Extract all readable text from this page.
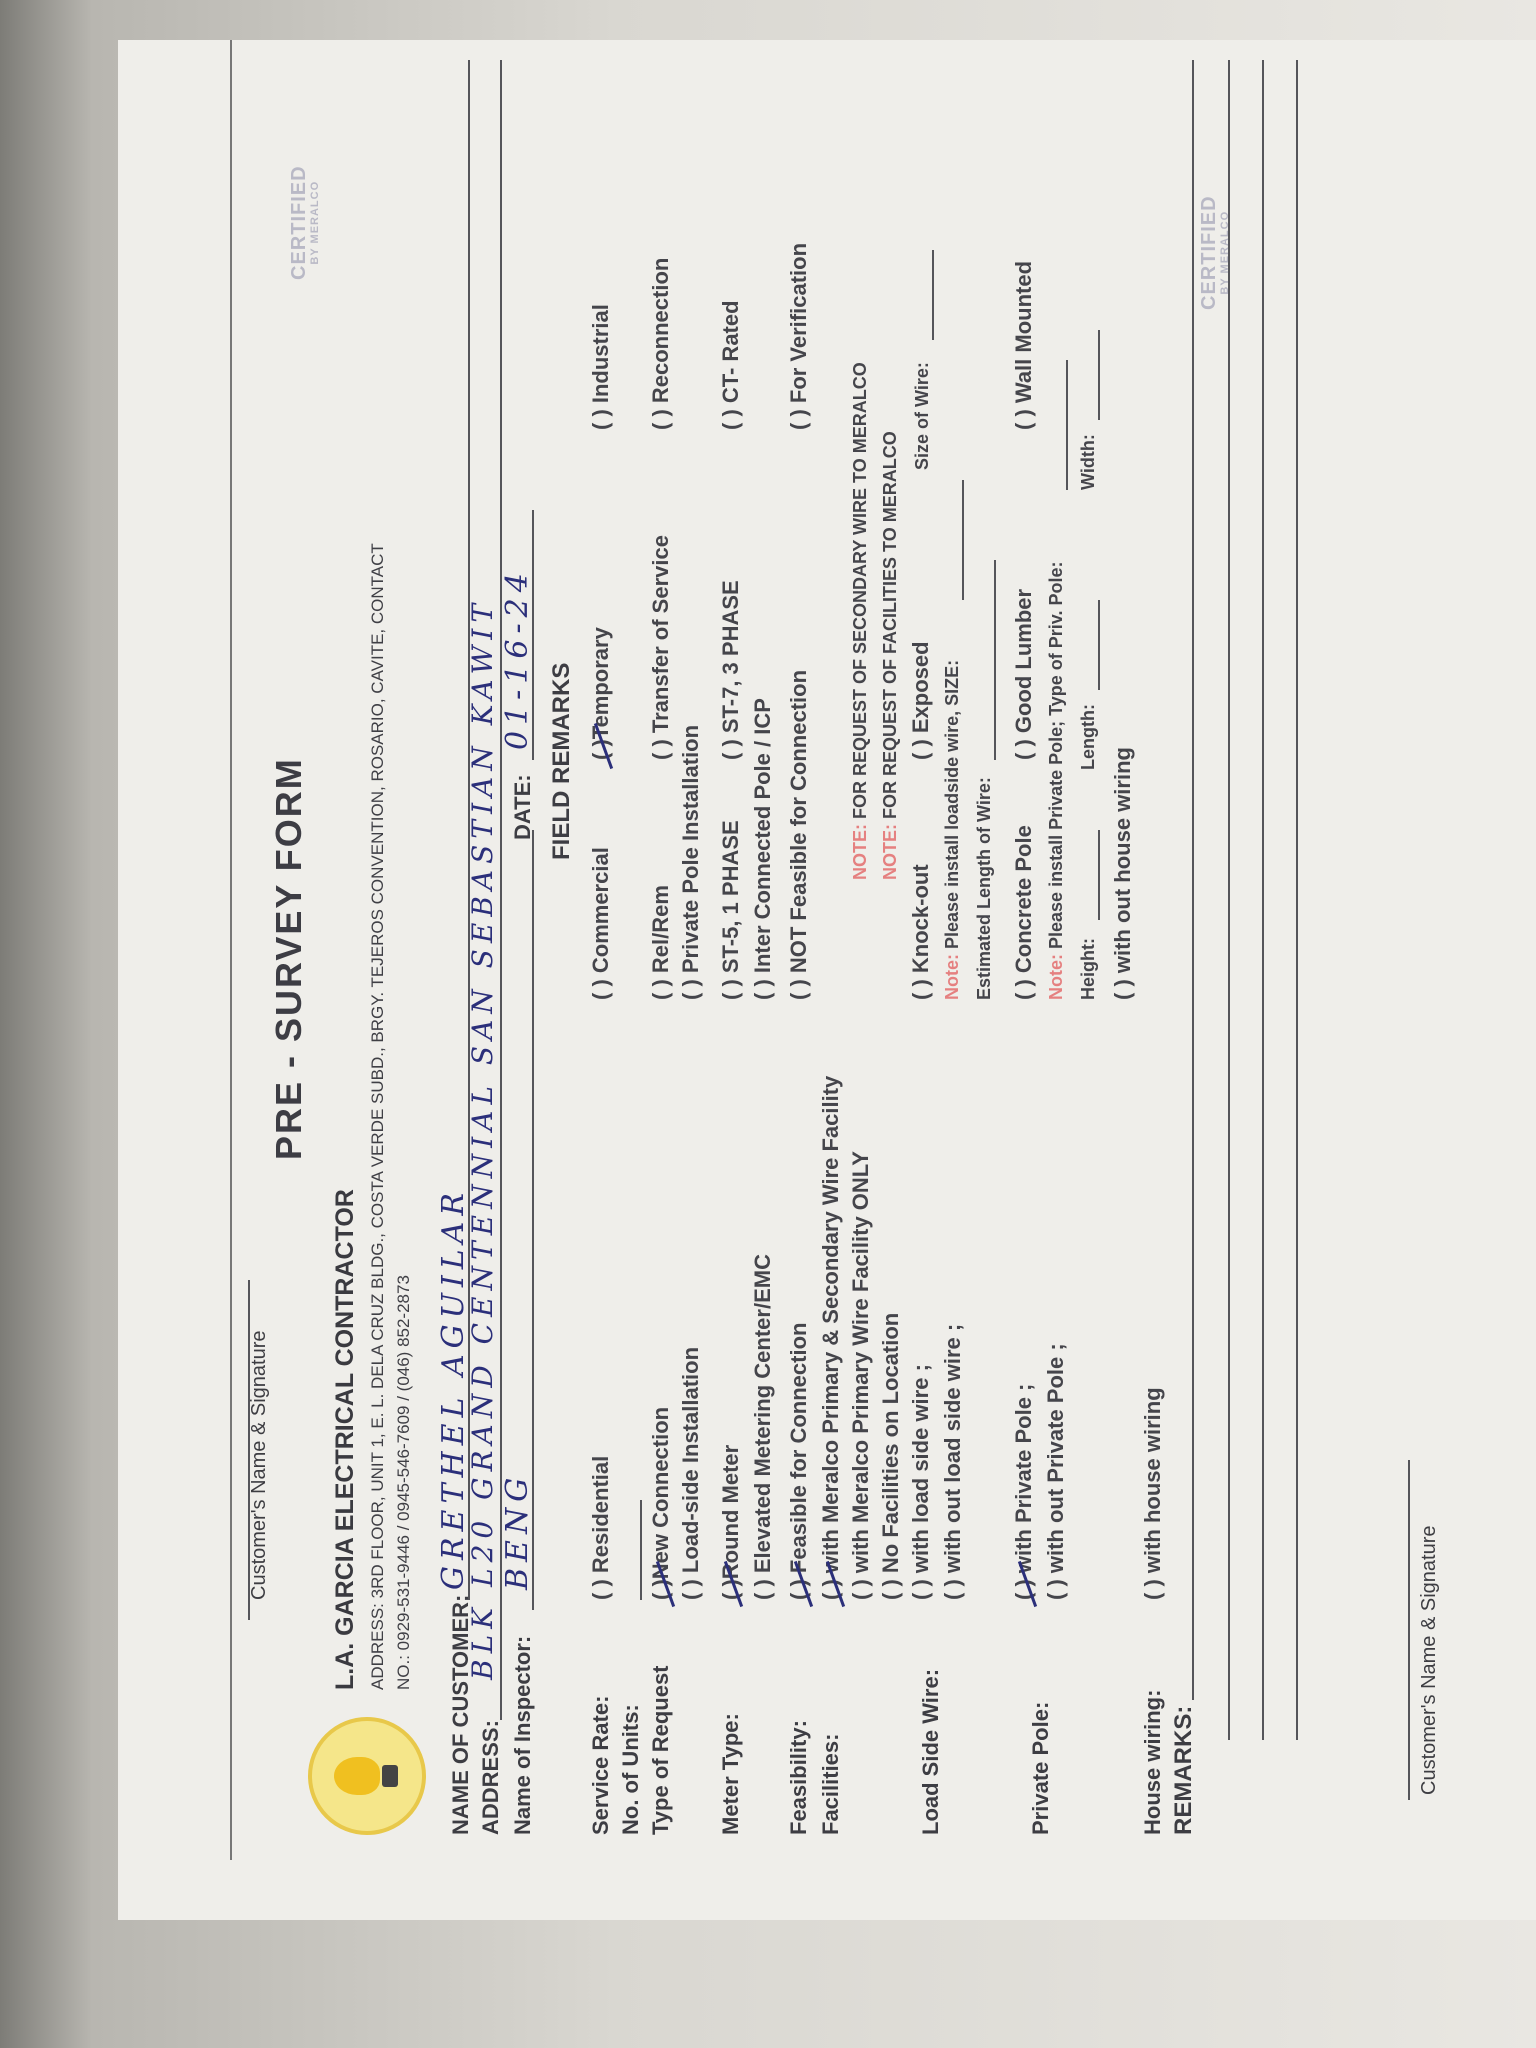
PRE - SURVEY FORM
L.A. GARCIA ELECTRICAL CONTRACTOR ADDRESS: 3RD FLOOR, UNIT 1, E. L. DELA CRUZ BLDG., COSTA VERDE SUBD., BRGY. TEJEROS CONVENTION, ROSARIO, CAVITE, CONTACT NO.: 0929-531-9446 / 0945-546-7609 / (046) 852-2873
CERTIFIED BY MERALCO	CERTIFIED BY MERALCO
Customer's Name & Signature
NAME OF CUSTOMER:
GRETHEL AGUILAR
ADDRESS:
BLK L20 GRAND CENTENNIAL SAN SEBASTIAN KAWIT
Name of Inspector:
BENG
DATE:
01-16-24
FIELD REMARKS
Service Rate:
( ) Residential
( ) Commercial
( )Temporary
( ) Industrial
No. of Units: Type of Request
( )New Connection
( ) Rel/Rem
( ) Transfer of Service
( ) Reconnection
( ) Load-side Installation
( ) Private Pole Installation
Meter Type:
( )Round Meter
( ) ST-5, 1 PHASE
( ) ST-7, 3 PHASE
( ) CT- Rated
( ) Elevated Metering Center/EMC
( ) Inter Connected Pole / ICP
Feasibility:
( ) Feasible for Connection
( ) NOT Feasible for Connection
( ) For Verification
Facilities:
( ) with Meralco Primary & Secondary Wire Facility ( ) with Meralco Primary Wire Facility ONLY
NOTE: FOR REQUEST OF SECONDARY WIRE TO MERALCO
( ) No Facilities on Location
NOTE: FOR REQUEST OF FACILITIES TO MERALCO
Load Side Wire:
( ) with load side wire ;
( ) Knock-out
( ) Exposed
Size of Wire:
( ) with out load side wire ;
Note: Please install loadside wire, SIZE: Estimated Length of Wire:
( ) with Private Pole ;
( ) Concrete Pole
( ) Good Lumber
( ) Wall Mounted
Private Pole:
( ) with out Private Pole ;
Note: Please install Private Pole; Type of Priv. Pole:
Height:
Length:
Width:
( ) with out house wiring
House wiring:
( ) with house wiring
REMARKS:	Customer's Name & Signature
